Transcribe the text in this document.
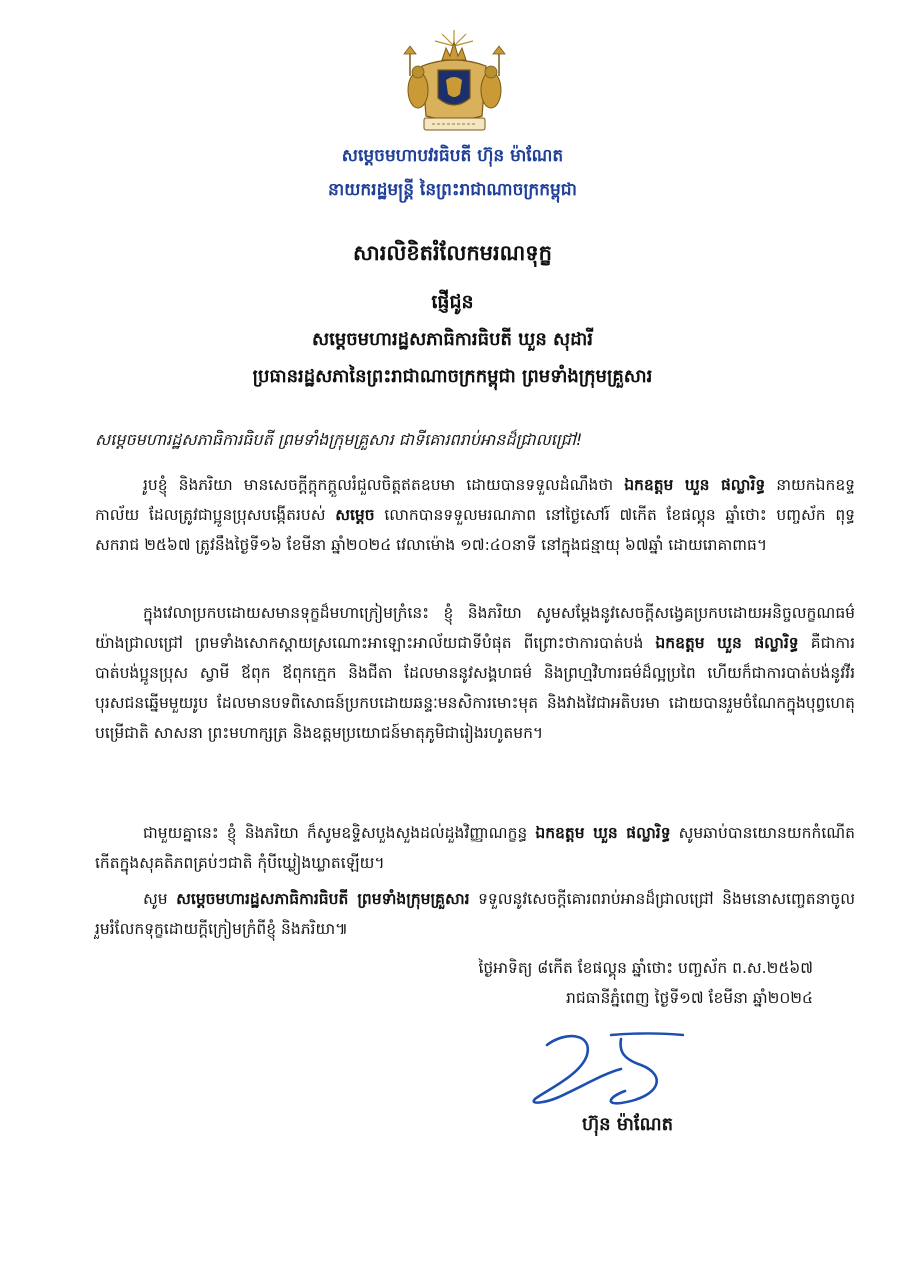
សម្តេចមហាបវរធិបតី ហ៊ុន ម៉ាណែត
នាយករដ្ឋមន្ត្រី នៃព្រះរាជាណាចក្រកម្ពុជា
សារលិខិតរំលែកមរណទុក្ខ
ផ្ញើជូន
សម្តេចមហារដ្ឋសភាធិការធិបតី ឃួន សុដារី
ប្រធានរដ្ឋសភានៃព្រះរាជាណាចក្រកម្ពុជា ព្រមទាំងក្រុមគ្រួសារ
សម្តេចមហារដ្ឋសភាធិការធិបតី ព្រមទាំងក្រុមគ្រួសារ ជាទីគោរពរាប់អានដ៏ជ្រាលជ្រៅ!
រូបខ្ញុំ និងភរិយា មានសេចក្តីក្តុកក្តួលរំជួលចិត្តឥតឧបមា ដោយបានទទួលដំណឹងថា ឯកឧត្តម ឃួន ផល្លារិទ្ធ នាយកឯកឧទ្ទកាល័យ ដែលត្រូវជាប្អូនប្រុសបង្កើតរបស់ សម្តេច លោកបានទទួលមរណភាព នៅថ្ងៃសៅរ៍ ៧កើត ខែផល្គុន ឆ្នាំថោះ បញ្ចស័ក ពុទ្ធសករាជ ២៥៦៧ ត្រូវនឹងថ្ងៃទី១៦ ខែមីនា ឆ្នាំ២០២៤ វេលាម៉ោង ១៧:៤០នាទី នៅក្នុងជន្មាយុ ៦៧ឆ្នាំ ដោយរោគាពាធ។
ក្នុងវេលាប្រកបដោយសមានទុក្ខដ៏មហាក្រៀមក្រំនេះ ខ្ញុំ និងភរិយា សូមសម្តែងនូវសេចក្តីសង្វេគប្រកបដោយអនិច្ចលក្ខណធម៌យ៉ាងជ្រាលជ្រៅ ព្រមទាំងសោកស្តាយស្រណោះអាឡោះអាល័យជាទីបំផុត ពីព្រោះថាការបាត់បង់ ឯកឧត្តម ឃួន ផល្លារិទ្ធ គឺជាការបាត់បង់ប្អូនប្រុស ស្វាមី ឪពុក ឪពុកក្មេក និងជីតា ដែលមាននូវសង្គហធម៌ និងព្រហ្មវិហារធម៌ដ៏ល្អប្រពៃ ហើយក៏ជាការបាត់បង់នូវវីរបុរសជនឆ្នើមមួយរូប ដែលមានបទពិសោធន៍ប្រកបដោយឆន្ទៈមនសិការមោះមុត និងវាងវៃជាអតិបរមា ដោយបានរួមចំណែកក្នុងបុព្វហេតុបម្រើជាតិ សាសនា ព្រះមហាក្សត្រ និងឧត្តមប្រយោជន៍មាតុភូមិជារៀងរហូតមក។
ជាមួយគ្នានេះ ខ្ញុំ និងភរិយា ក៏សូមឧទ្ទិសបួងសួងដល់ដួងវិញ្ញាណក្ខន្ធ ឯកឧត្តម ឃួន ផល្លារិទ្ធ សូមឆាប់បានយោនយកកំណើតកើតក្នុងសុគតិភពគ្រប់ៗជាតិ កុំបីឃ្លៀងឃ្លាតឡើយ។
សូម សម្តេចមហារដ្ឋសភាធិការធិបតី ព្រមទាំងក្រុមគ្រួសារ ទទួលនូវសេចក្តីគោរពរាប់អានដ៏ជ្រាលជ្រៅ និងមនោសញ្ចេតនាចូលរួមរំលែកទុក្ខដោយក្តីក្រៀមក្រំពីខ្ញុំ និងភរិយា៕
ថ្ងៃអាទិត្យ ៨កើត ខែផល្គុន ឆ្នាំថោះ បញ្ចស័ក ព.ស.២៥៦៧
រាជធានីភ្នំពេញ ថ្ងៃទី១៧ ខែមីនា ឆ្នាំ២០២៤
ហ៊ុន ម៉ាណែត
